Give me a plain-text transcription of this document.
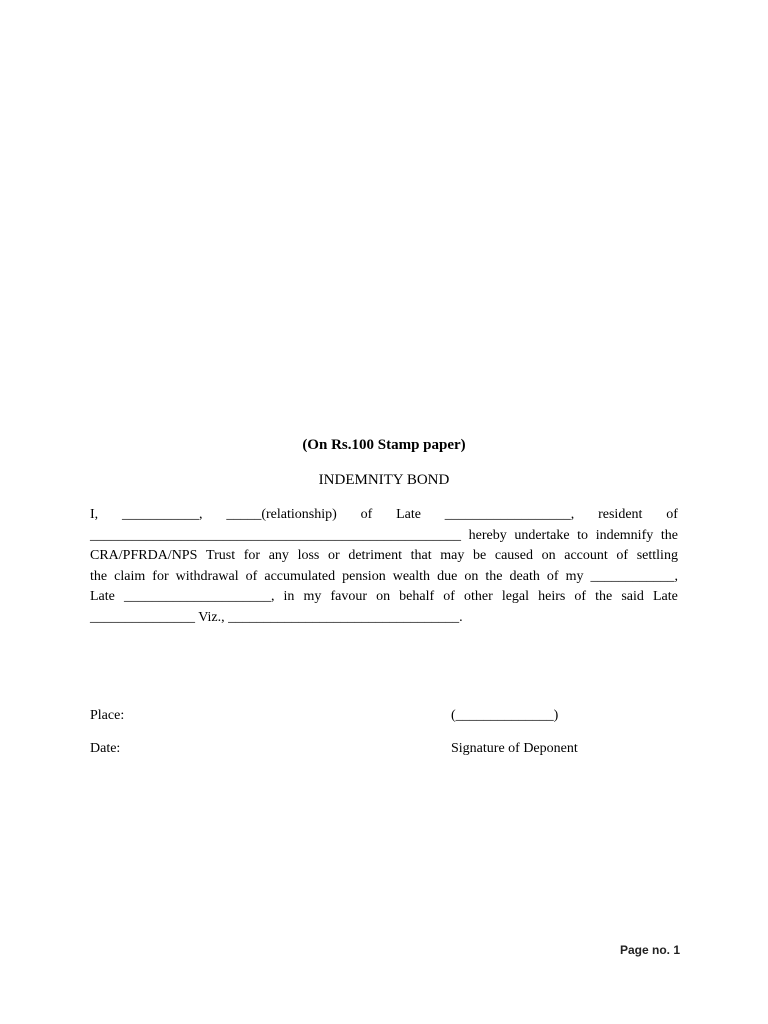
(On Rs.100 Stamp paper)
INDEMNITY BOND
I, ___________, _____(relationship) of Late __________________, resident of
_____________________________________________________ hereby undertake to indemnify the
CRA/PFRDA/NPS Trust for any loss or detriment that may be caused on account of settling
the claim for withdrawal of accumulated pension wealth due on the death of my ____________,
Late _____________________, in my favour on behalf of other legal heirs of the said Late
_______________ Viz., _________________________________.
Place:	(______________)
Date:	Signature of Deponent
Page no. 1
